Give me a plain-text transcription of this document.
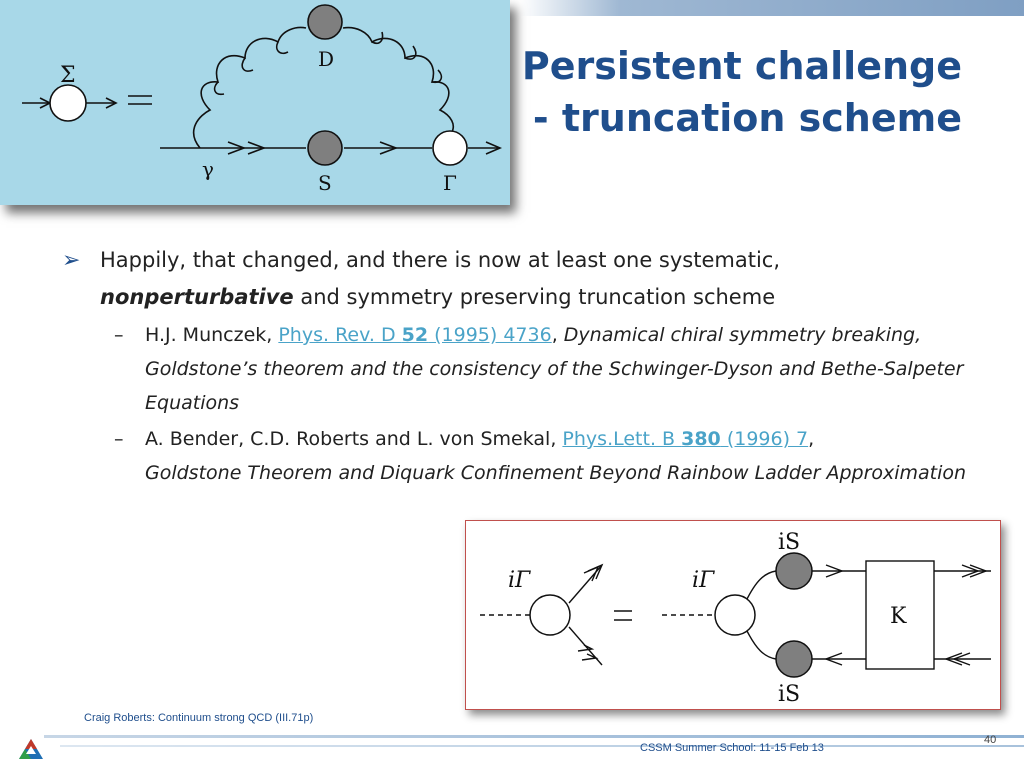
Σ
D
γ
S	Γ
Persistent challenge
- truncation scheme
➢ Happily, that changed, and there is now at least one systematic,
nonperturbative and symmetry preserving truncation scheme
– H.J. Munczek, Phys. Rev. D 52 (1995) 4736, Dynamical chiral symmetry breaking, Goldstone’s theorem and the consistency of the Schwinger-Dyson and Bethe-Salpeter Equations
– A. Bender, C.D. Roberts and L. von Smekal, Phys.Lett. B 380 (1996) 7,
Goldstone Theorem and Diquark Confinement Beyond Rainbow Ladder Approximation
iΓ	iΓ
iS
iS
K
Craig Roberts: Continuum strong QCD (III.71p)
CSSM Summer School: 11-15 Feb 13
40
